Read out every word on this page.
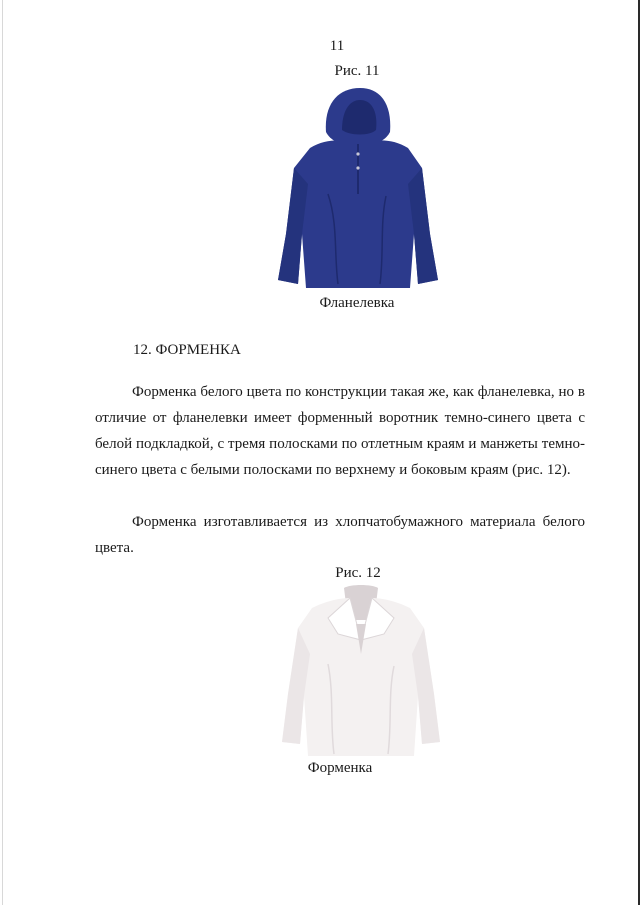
11
Рис. 11
Фланелевка
12. ФОРМЕНКА

Форменка белого цвета по конструкции такая же, как фланелевка, но в отличие от фланелевки имеет форменный воротник темно-синего цвета с белой подкладкой, с тремя полосками по отлетным краям и манжеты темно-синего цвета с белыми полосками по верхнему и боковым краям (рис. 12).

Форменка изготавливается из хлопчатобумажного материала белого цвета.

Рис. 12
Форменка
